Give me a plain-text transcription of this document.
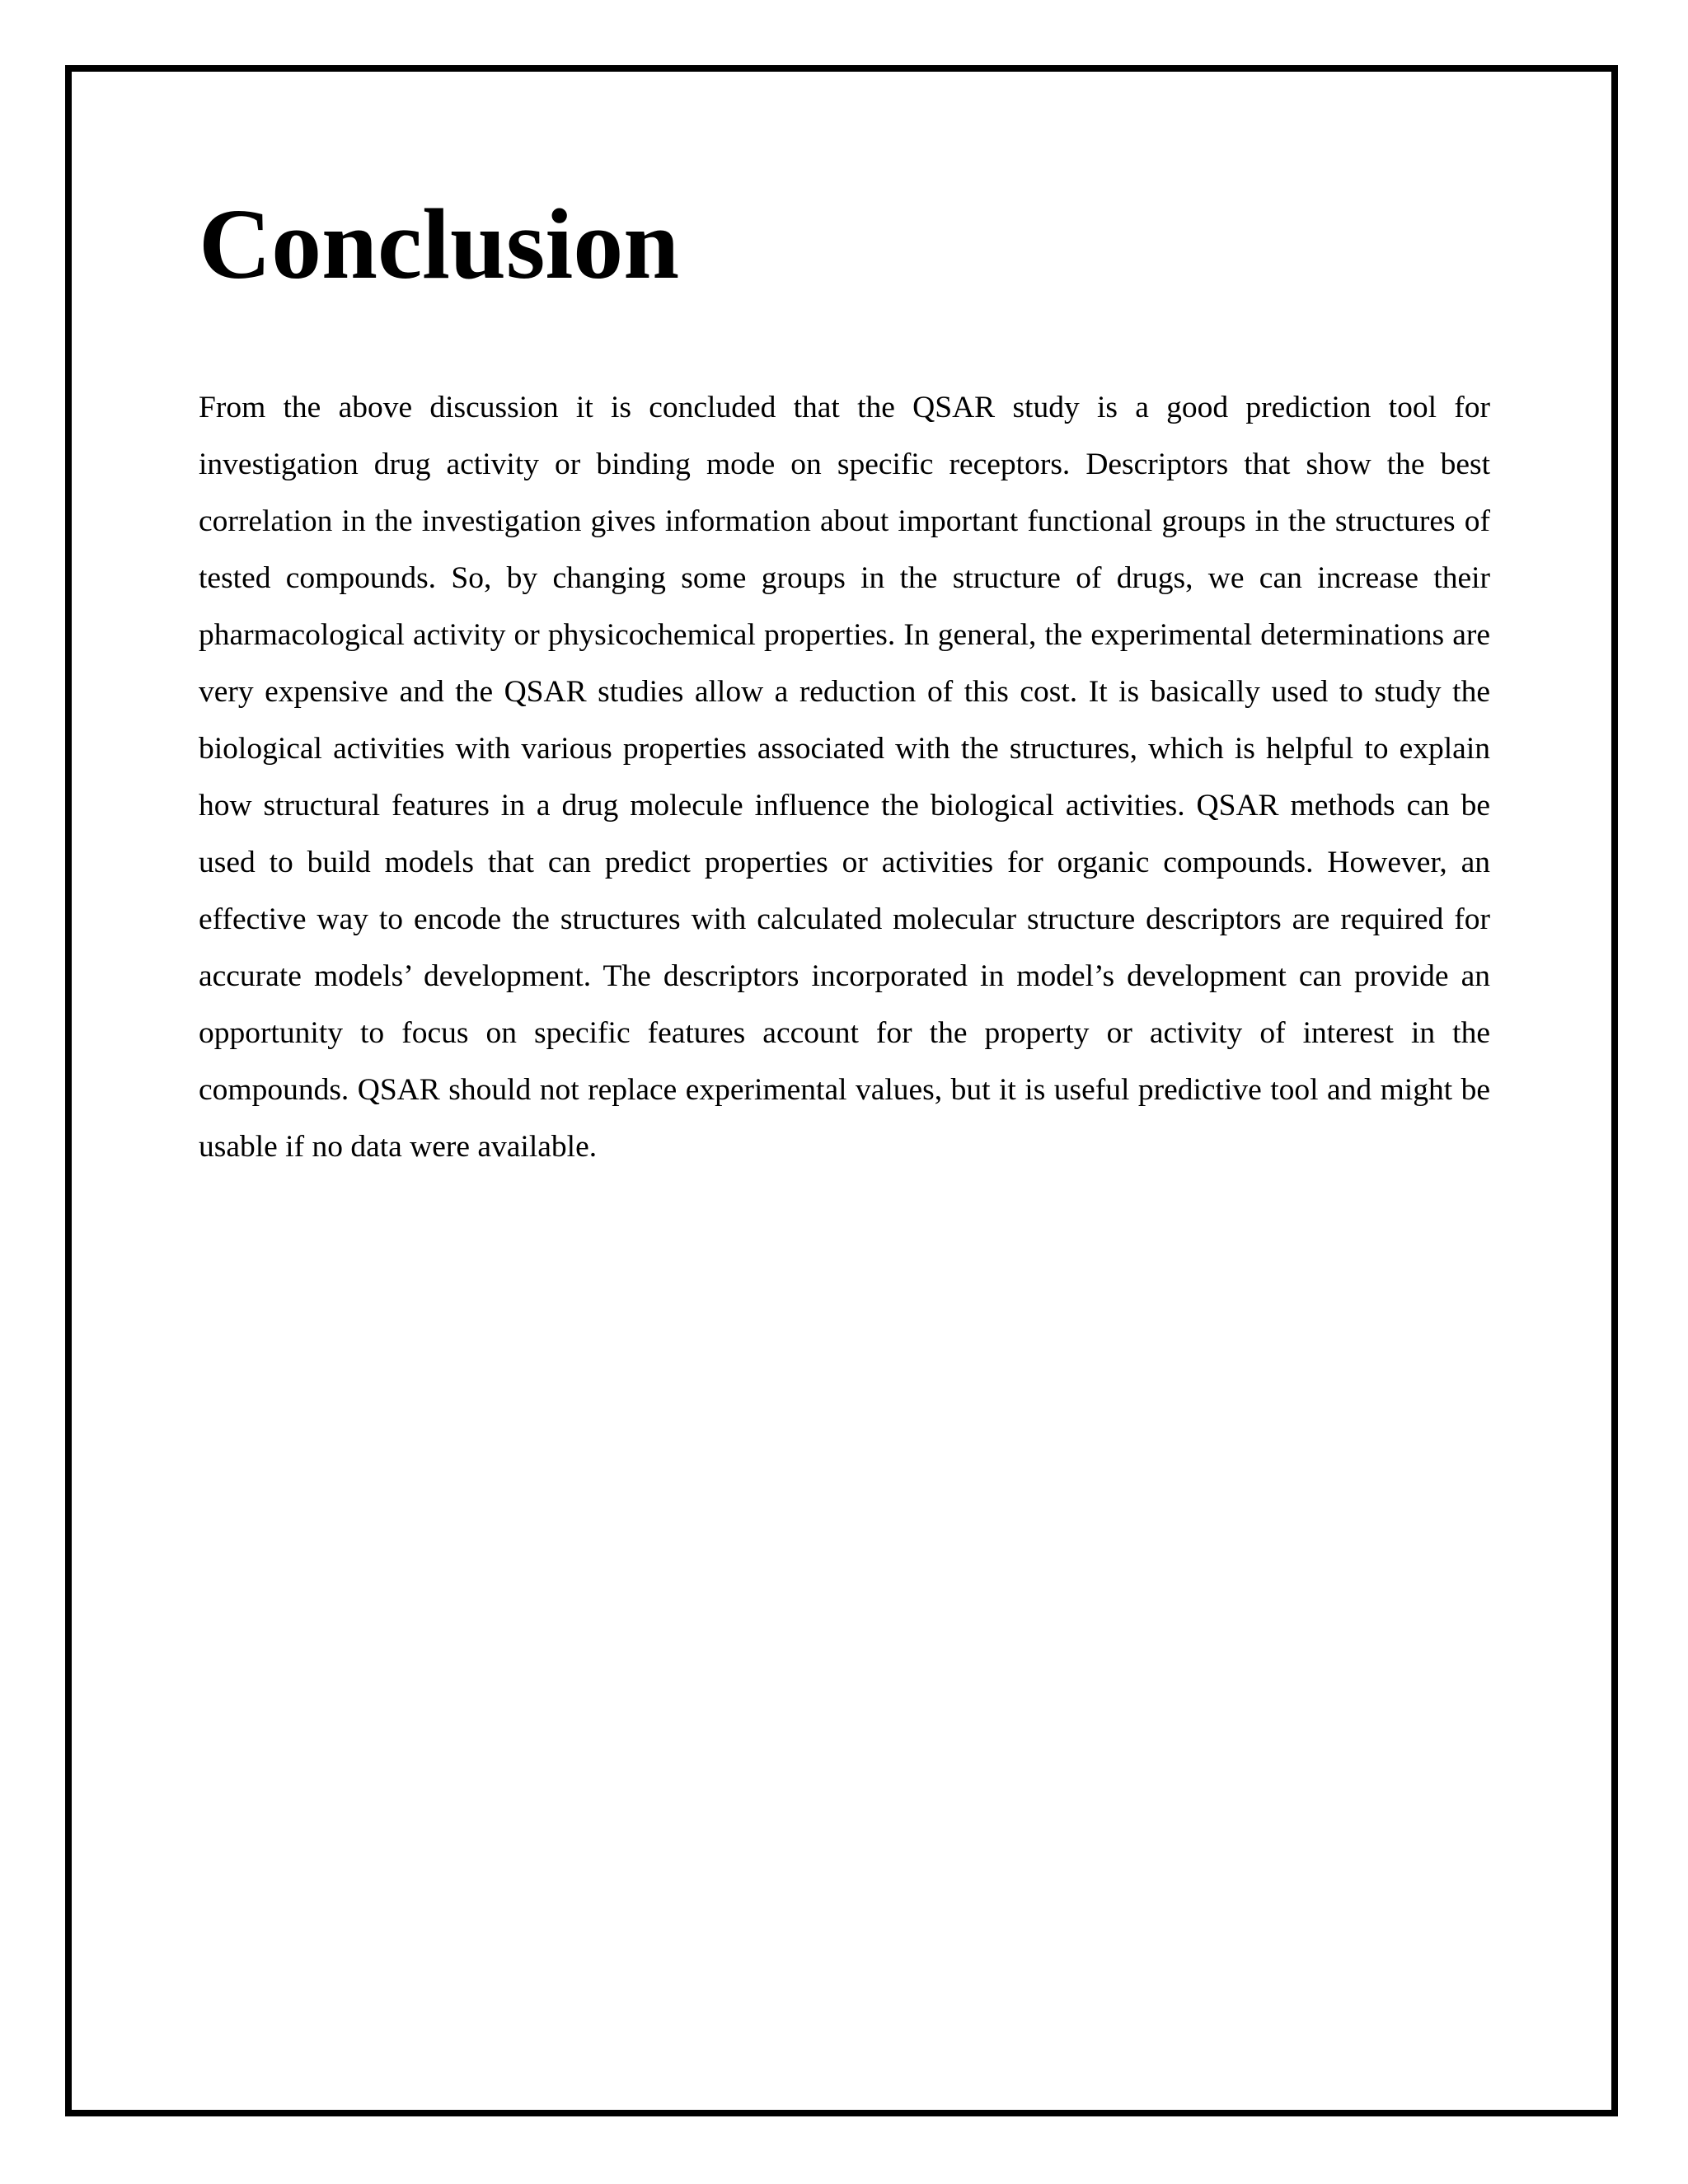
Conclusion

From the above discussion it is concluded that the QSAR study is a good prediction tool for investigation drug activity or binding mode on specific receptors. Descriptors that show the best correlation in the investigation gives information about important functional groups in the structures of tested compounds. So, by changing some groups in the structure of drugs, we can increase their pharmacological activity or physicochemical properties. In general, the experimental determinations are very expensive and the QSAR studies allow a reduction of this cost. It is basically used to study the biological activities with various properties associated with the structures, which is helpful to explain how structural features in a drug molecule influence the biological activities. QSAR methods can be used to build models that can predict properties or activities for organic compounds. However, an effective way to encode the structures with calculated molecular structure descriptors are required for accurate models’ development. The descriptors incorporated in model’s development can provide an opportunity to focus on specific features account for the property or activity of interest in the compounds. QSAR should not replace experimental values, but it is useful predictive tool and might be usable if no data were available.
